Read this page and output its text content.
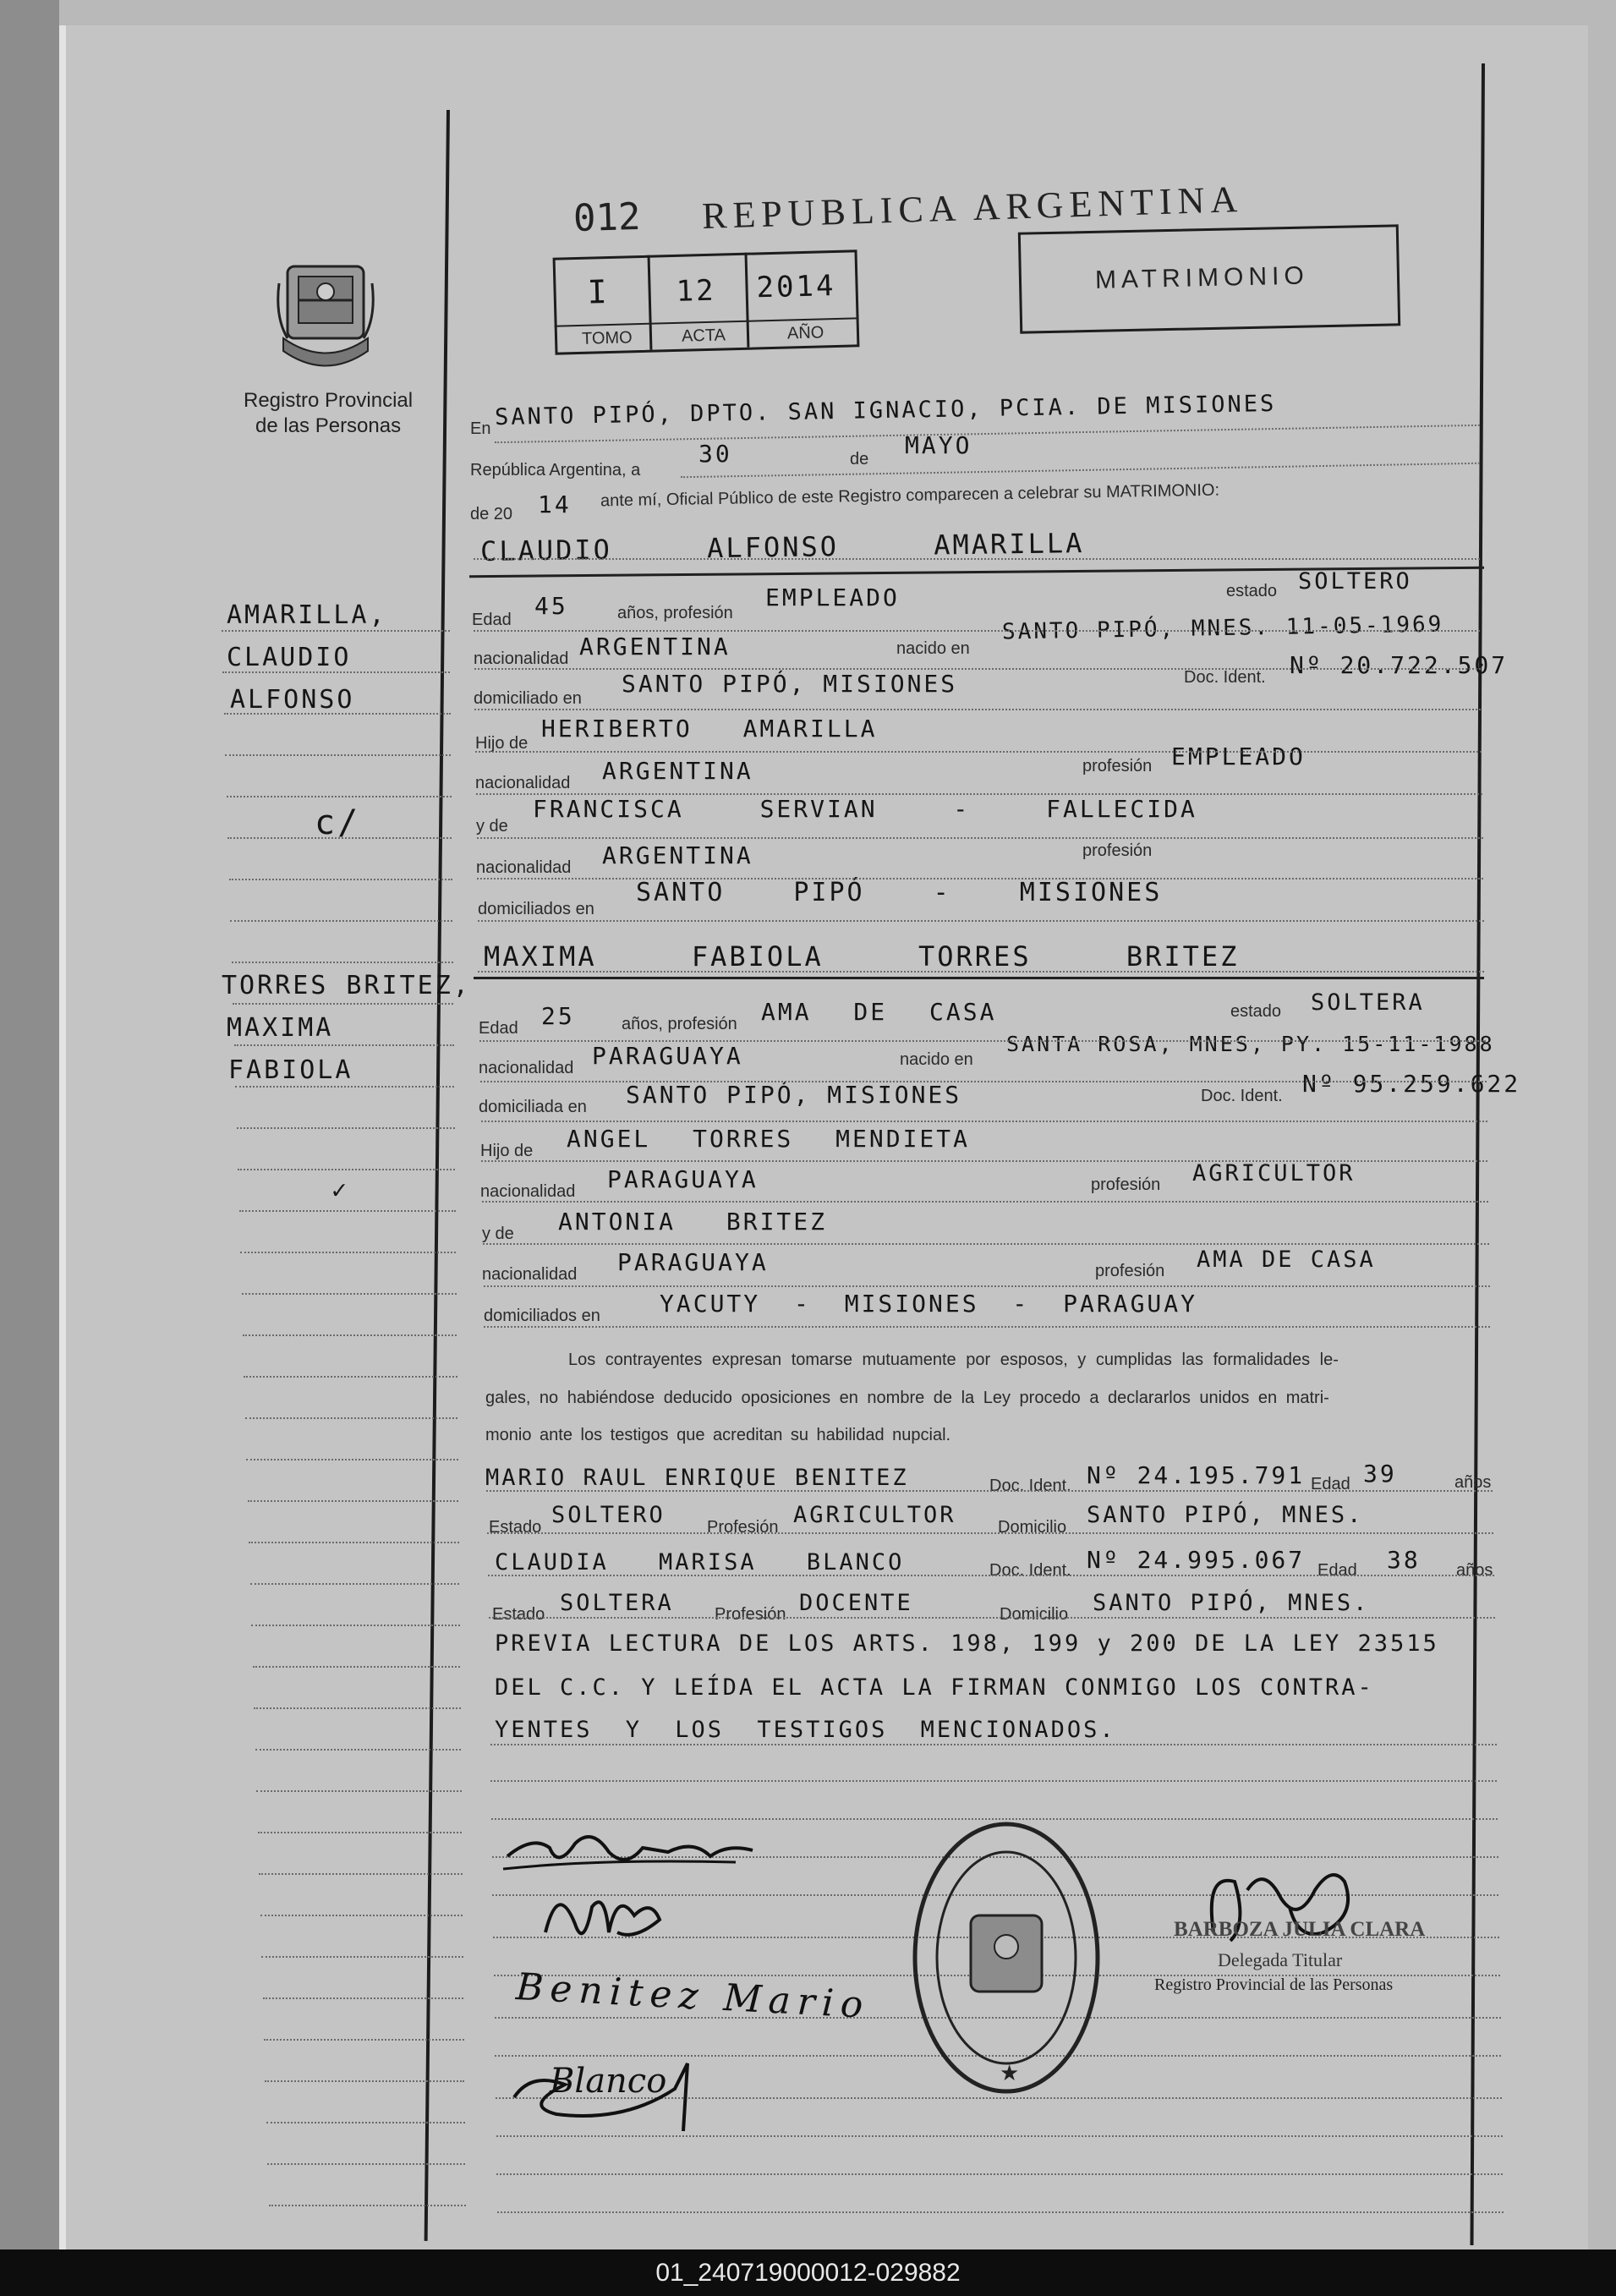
012 REPUBLICA ARGENTINA
I 12 2014
TOMO	ACTA	AÑO
MATRIMONIO
Registro Provincial
de las Personas
AMARILLA,
CLAUDIO
ALFONSO
c/
TORRES BRITEZ,
MAXIMA
FABIOLA
✓
En SANTO PIPÓ, DPTO. SAN IGNACIO, PCIA. DE MISIONES
República Argentina, a
30	de MAYO
de 20 14 ante mí, Oficial Público de este Registro comparecen a celebrar su MATRIMONIO:
CLAUDIO ALFONSO AMARILLA
Edad 45	años, profesión
EMPLEADO	estado SOLTERO
nacionalidad ARGENTINA	nacido en
SANTO PIPÓ, MNES. 11-05-1969
domiciliado en
SANTO PIPÓ, MISIONES	Doc. Ident. Nº 20.722.507
Hijo de
HERIBERTO AMARILLA
nacionalidad ARGENTINA	profesión EMPLEADO
y de
FRANCISCA SERVIAN - FALLECIDA
nacionalidad ARGENTINA	profesión
domiciliados en
SANTO PIPÓ - MISIONES
MAXIMA FABIOLA TORRES BRITEZ
Edad 25	años, profesión AMA DE CASA	estado SOLTERA
nacionalidad PARAGUAYA	nacido en
SANTA ROSA, MNES, PY. 15-11-1988
domiciliada en SANTO PIPÓ, MISIONES	Doc. Ident. Nº 95.259.622
Hijo de ANGEL TORRES MENDIETA
nacionalidad PARAGUAYA	profesión AGRICULTOR
y de ANTONIA BRITEZ
nacionalidad PARAGUAYA	profesión AMA DE CASA
domiciliados en	YACUTY - MISIONES - PARAGUAY
Los contrayentes expresan tomarse mutuamente por esposos, y cumplidas las formalidades le-
gales, no habiéndose deducido oposiciones en nombre de la Ley procedo a declararlos unidos en matri-
monio ante los testigos que acreditan su habilidad nupcial.
MARIO RAUL ENRIQUE BENITEZ	Doc. Ident. Nº 24.195.791 Edad 39	años
Estado SOLTERO Profesión AGRICULTOR Domicilio SANTO PIPÓ, MNES.
CLAUDIA MARISA BLANCO	Doc. Ident. Nº 24.995.067 Edad 38 años
Estado SOLTERA Profesión DOCENTE	Domicilio SANTO PIPÓ, MNES.
PREVIA LECTURA DE LOS ARTS. 198, 199 y 200 DE LA LEY 23515
DEL C.C. Y LEÍDA EL ACTA LA FIRMAN CONMIGO LOS CONTRA-
YENTES Y LOS TESTIGOS MENCIONADOS.
Benitez Mario
Blanco	★
BARBOZA JULIA CLARA
Delegada Titular
Registro Provincial de las Personas
01_240719000012-029882
